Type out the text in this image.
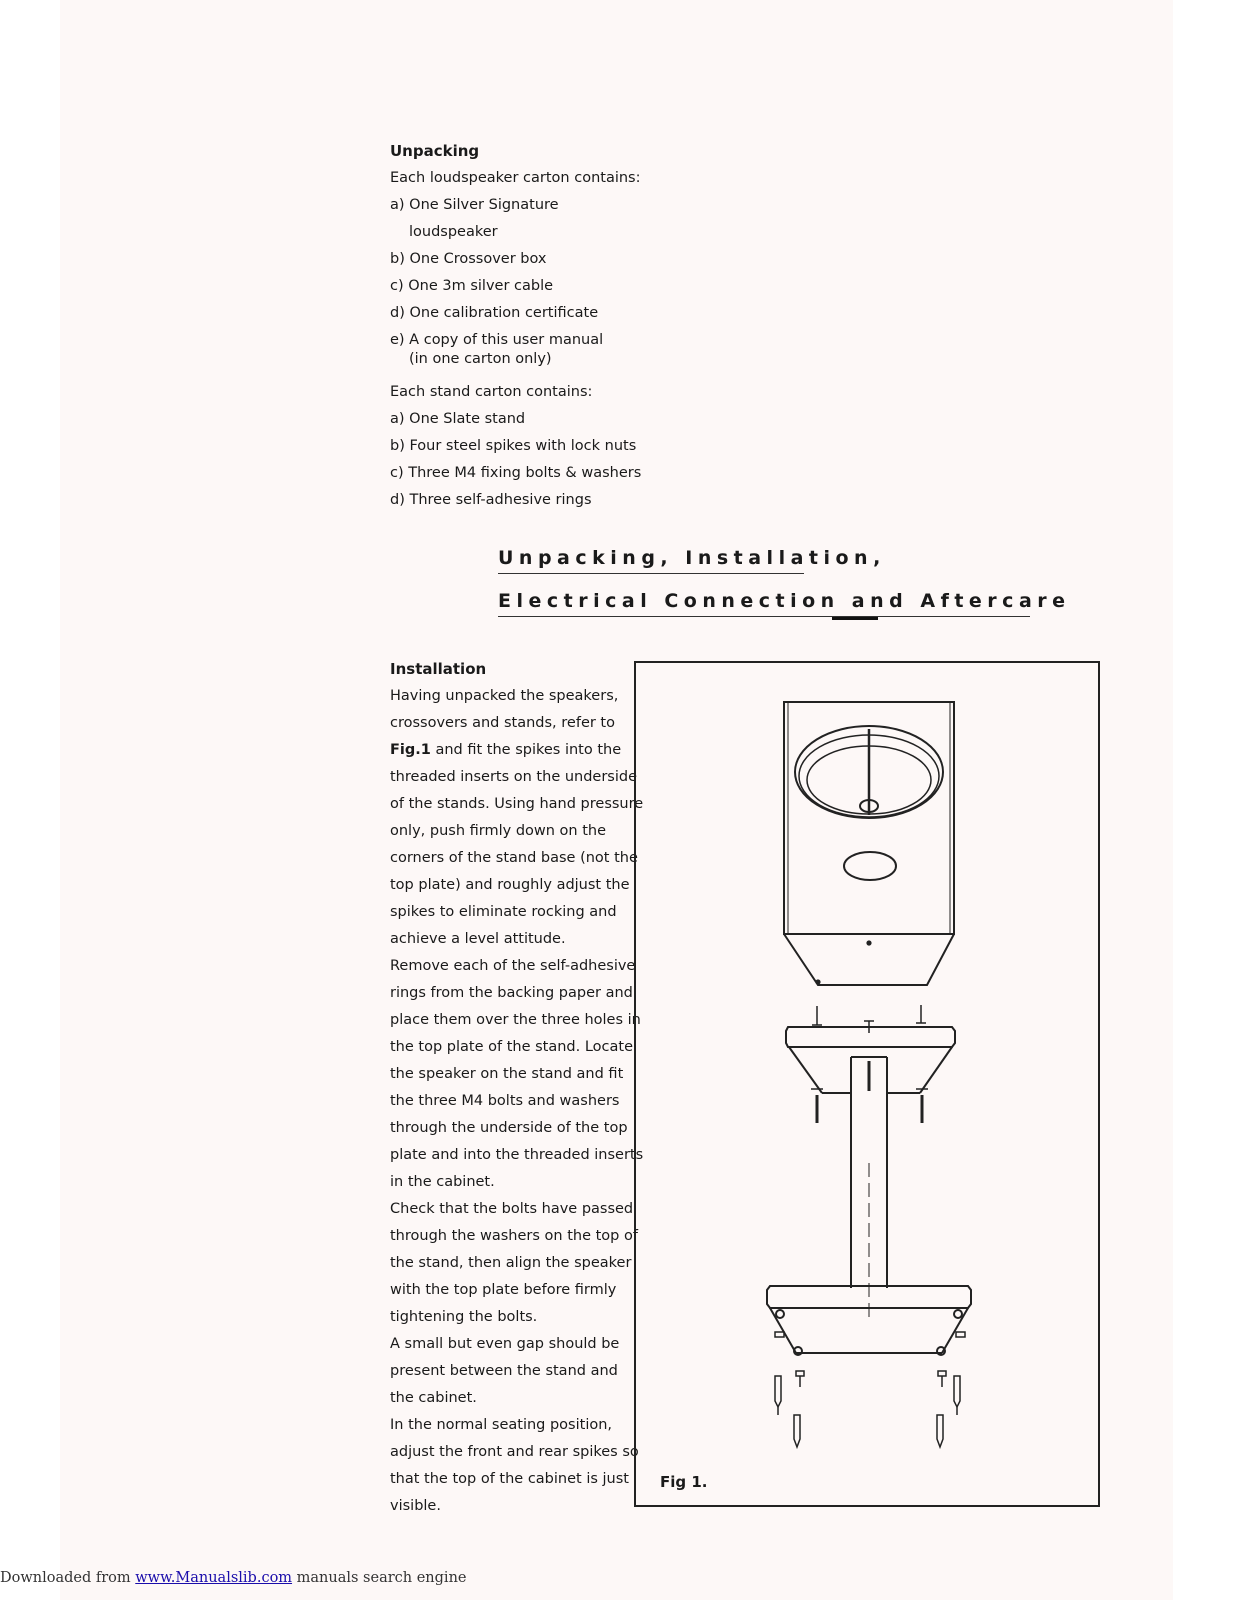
Unpacking
Each loudspeaker carton contains:
a) One Silver Signature
loudspeaker
b) One Crossover box
c) One 3m silver cable
d) One calibration certificate
e) A copy of this user manual
(in one carton only)
Each stand carton contains:
a) One Slate stand
b) Four steel spikes with lock nuts
c) Three M4 fixing bolts & washers
d) Three self-adhesive rings
Unpacking, Installation,
Electrical Connection and Aftercare
Installation
Having unpacked the speakers,
crossovers and stands, refer to
Fig.1 and fit the spikes into the
threaded inserts on the underside
of the stands. Using hand pressure
only, push firmly down on the
corners of the stand base (not the
top plate) and roughly adjust the
spikes to eliminate rocking and
achieve a level attitude.
Remove each of the self-adhesive
rings from the backing paper and
place them over the three holes in
the top plate of the stand. Locate
the speaker on the stand and fit
the three M4 bolts and washers
through the underside of the top
plate and into the threaded inserts
in the cabinet.
Check that the bolts have passed
through the washers on the top of
the stand, then align the speaker
with the top plate before firmly
tightening the bolts.
A small but even gap should be
present between the stand and
the cabinet.
In the normal seating position,
adjust the front and rear spikes so
that the top of the cabinet is just
visible.
Fig 1.
Downloaded from www.Manualslib.com manuals search engine
